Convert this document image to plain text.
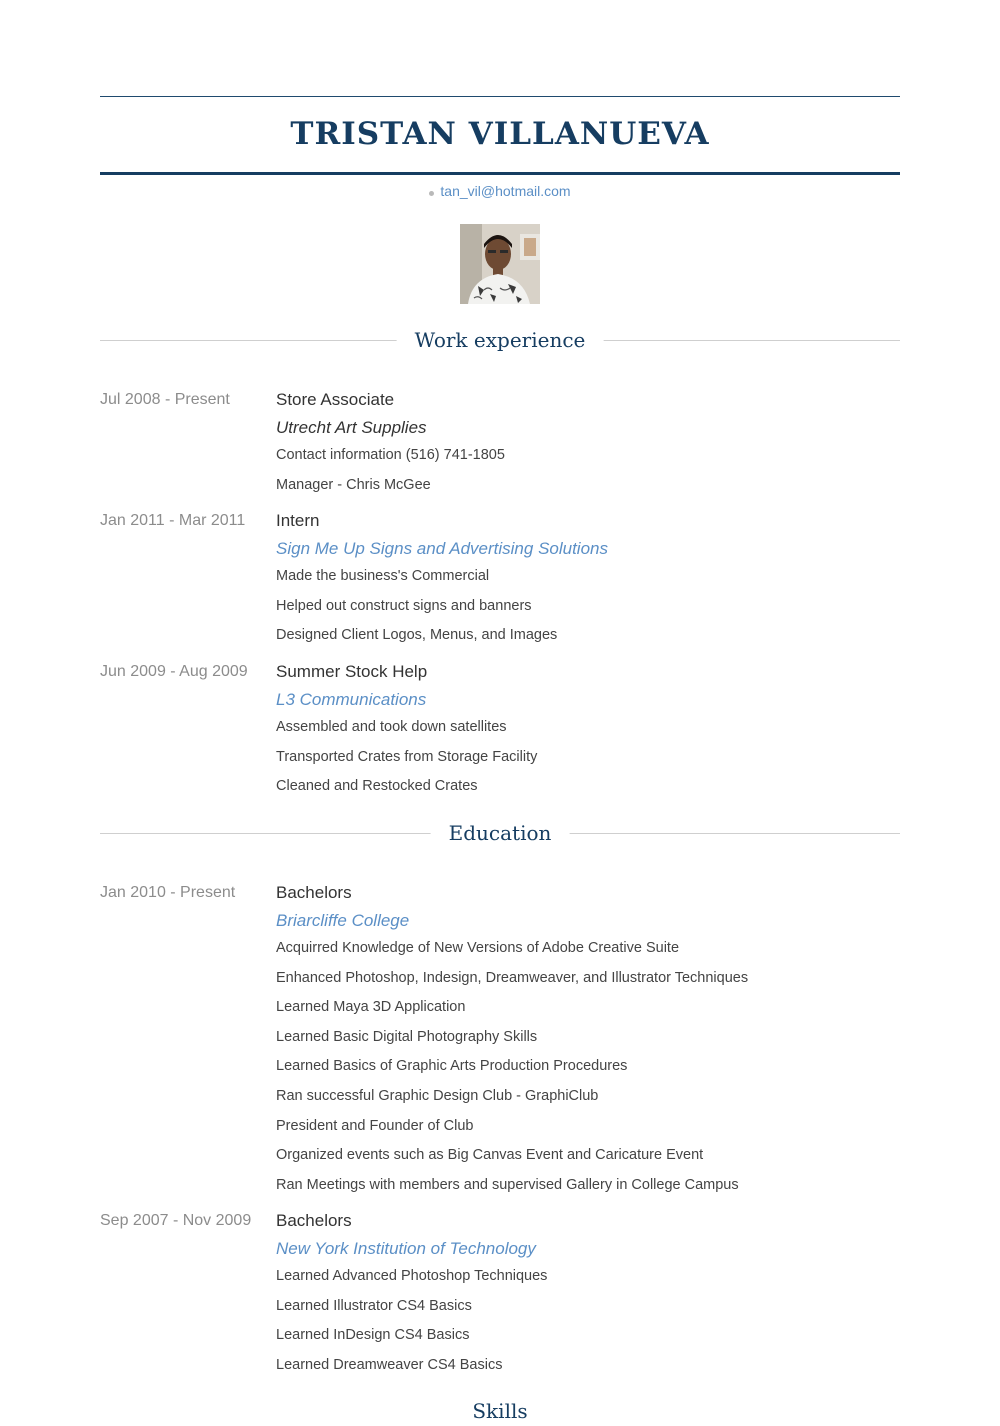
TRISTAN VILLANUEVA
tan_vil@hotmail.com
Work experience
Jul 2008 - Present	Store Associate
Utrecht Art Supplies
Contact information (516) 741-1805
Manager - Chris McGee
Jan 2011 - Mar 2011	Intern
Sign Me Up Signs and Advertising Solutions
Made the business's Commercial
Helped out construct signs and banners
Designed Client Logos, Menus, and Images
Jun 2009 - Aug 2009	Summer Stock Help
L3 Communications
Assembled and took down satellites
Transported Crates from Storage Facility
Cleaned and Restocked Crates
Education
Jan 2010 - Present	Bachelors
Briarcliffe College
Acquirred Knowledge of New Versions of Adobe Creative Suite
Enhanced Photoshop, Indesign, Dreamweaver, and Illustrator Techniques
Learned Maya 3D Application
Learned Basic Digital Photography Skills
Learned Basics of Graphic Arts Production Procedures
Ran successful Graphic Design Club - GraphiClub
President and Founder of Club
Organized events such as Big Canvas Event and Caricature Event
Ran Meetings with members and supervised Gallery in College Campus
Sep 2007 - Nov 2009	Bachelors
New York Institution of Technology
Learned Advanced Photoshop Techniques
Learned Illustrator CS4 Basics
Learned InDesign CS4 Basics
Learned Dreamweaver CS4 Basics
Skills
